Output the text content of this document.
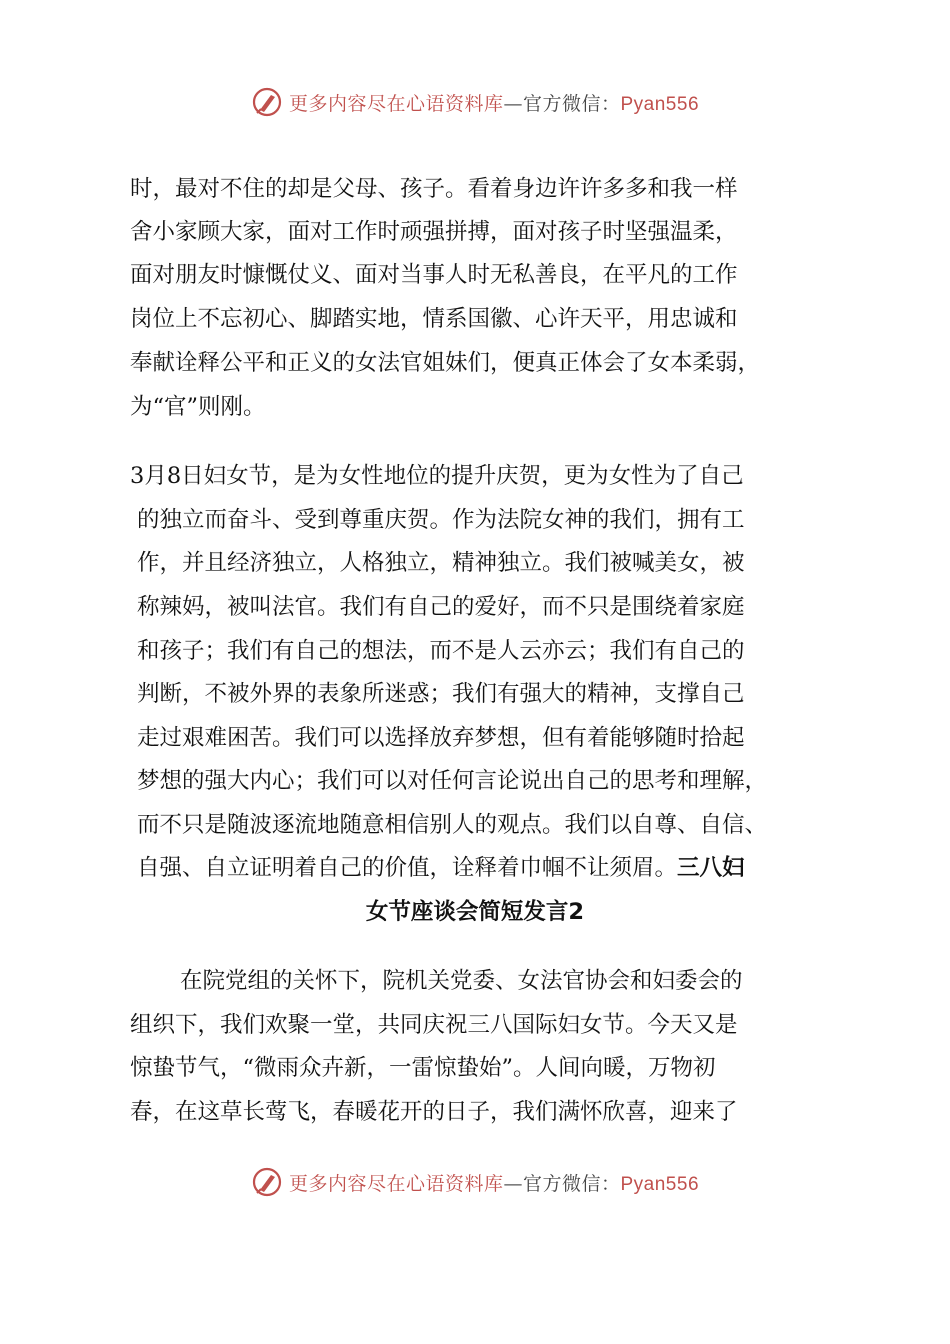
更多内容尽在心语资料库—官方微信：Pyan556
时，最对不住的却是父母、孩子。看着身边许许多多和我一样
舍小家顾大家，面对工作时顽强拼搏，面对孩子时坚强温柔，
面对朋友时慷慨仗义、面对当事人时无私善良，在平凡的工作
岗位上不忘初心、脚踏实地，情系国徽、心许天平，用忠诚和
奉献诠释公平和正义的女法官姐妹们，便真正体会了女本柔弱，
为“官”则刚。
3月8日妇女节，是为女性地位的提升庆贺，更为女性为了自己
的独立而奋斗、受到尊重庆贺。作为法院女神的我们，拥有工
作，并且经济独立，人格独立，精神独立。我们被喊美女，被
称辣妈，被叫法官。我们有自己的爱好，而不只是围绕着家庭
和孩子；我们有自己的想法，而不是人云亦云；我们有自己的
判断，不被外界的表象所迷惑；我们有强大的精神，支撑自己
走过艰难困苦。我们可以选择放弃梦想，但有着能够随时拾起
梦想的强大内心；我们可以对任何言论说出自己的思考和理解，
而不只是随波逐流地随意相信别人的观点。我们以自尊、自信、
自强、自立证明着自己的价值，诠释着巾帼不让须眉。三八妇
女节座谈会简短发言2
在院党组的关怀下，院机关党委、女法官协会和妇委会的
组织下，我们欢聚一堂，共同庆祝三八国际妇女节。今天又是
惊蛰节气，“微雨众卉新，一雷惊蛰始”。人间向暖，万物初
春，在这草长莺飞，春暖花开的日子，我们满怀欣喜，迎来了
更多内容尽在心语资料库—官方微信：Pyan556
